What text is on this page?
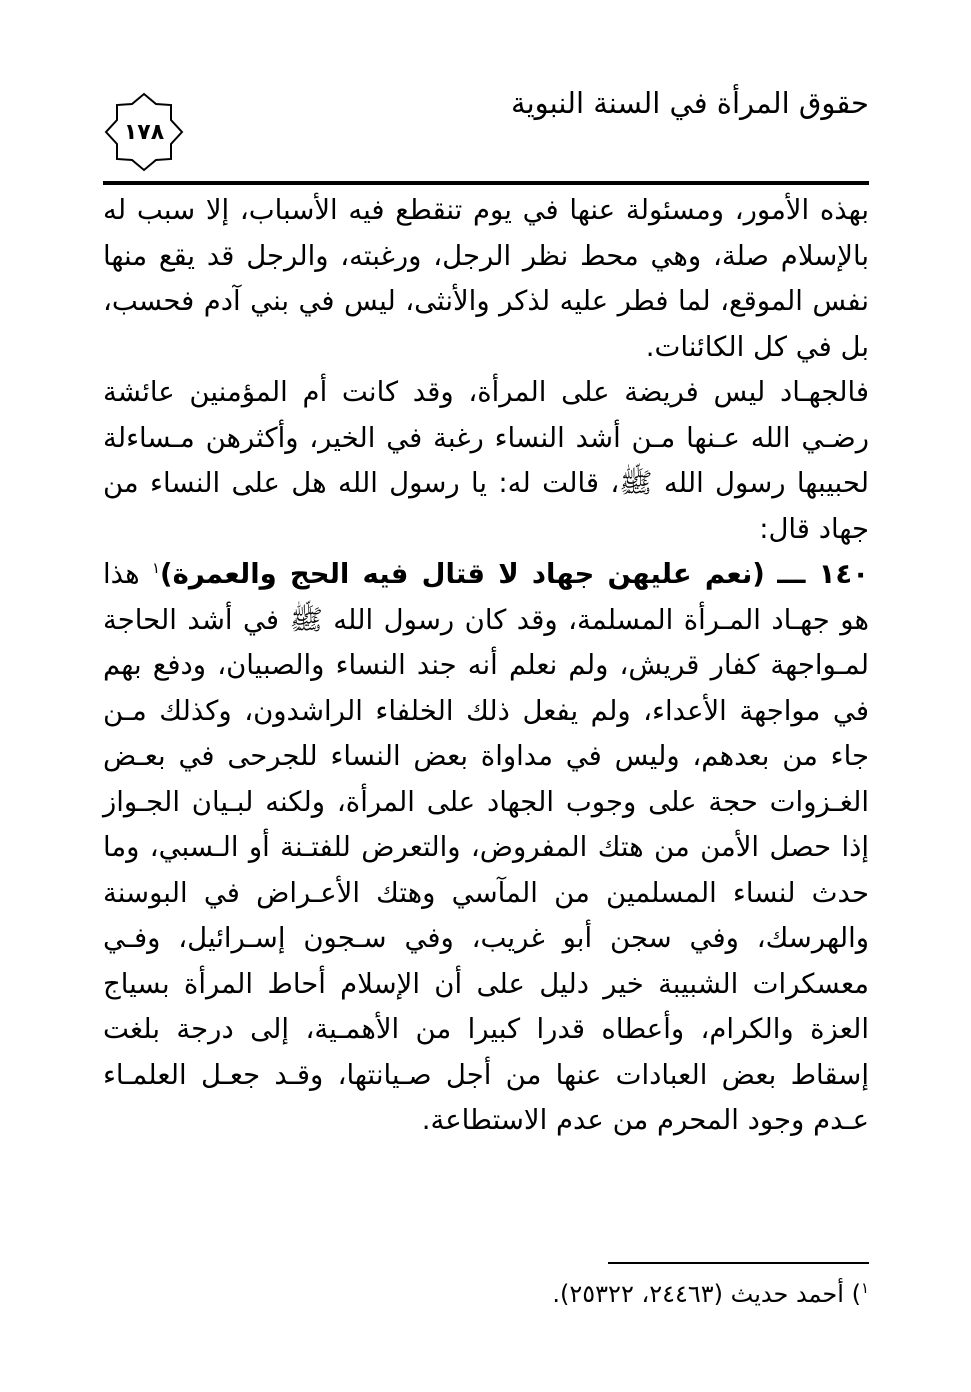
١٧٨
حقوق المرأة في السنة النبوية

بهذه الأمور، ومسئولة عنها في يوم تنقطع فيه الأسباب، إلا سبب له بالإسلام صلة، وهي محط نظر الرجل، ورغبته، والرجل قد يقع منها نفس الموقع، لما فطر عليه لذكر والأنثى، ليس في بني آدم فحسب، بل في كل الكائنات.

فالجهـاد ليس فريضة على المرأة، وقد كانت أم المؤمنين عائشة رضـي الله عـنها مـن أشد النساء رغبة في الخير، وأكثرهن مـساءلة لحبيبها رسول الله ﷺ، قالت له: يا رسول الله هل على النساء من جهاد قال:

١٤٠ ـــ (نعم عليهن جهاد لا قتال فيه الحج والعمرة)$^١$ هذا هو جهـاد المـرأة المسلمة، وقد كان رسول الله ﷺ في أشد الحاجة لمـواجهة كفار قريش، ولم نعلم أنه جند النساء والصبيان، ودفع بهم في مواجهة الأعداء، ولم يفعل ذلك الخلفاء الراشدون، وكذلك مـن جاء من بعدهم، وليس في مداواة بعض النساء للجرحى في بعـض الغـزوات حجة على وجوب الجهاد على المرأة، ولكنه لبـيان الجـواز إذا حصل الأمن من هتك المفروض، والتعرض للفتـنة أو الـسبي، وما حدث لنساء المسلمين من المآسي وهتك الأعـراض في البوسنة والهرسك، وفي سجن أبو غريب، وفي سـجون إسـرائيل، وفـي معسكرات الشبيبة خير دليل على أن الإسلام أحاط المرأة بسياج العزة والكرام، وأعطاه قدرا كبيرا من الأهمـية، إلى درجة بلغت إسقاط بعض العبادات عنها من أجل صـيانتها، وقـد جعـل العلمـاء عـدم وجود المحرم من عدم الاستطاعة.

$^١$) أحمد حديث (٢٤٤٦٣، ٢٥٣٢٢).
